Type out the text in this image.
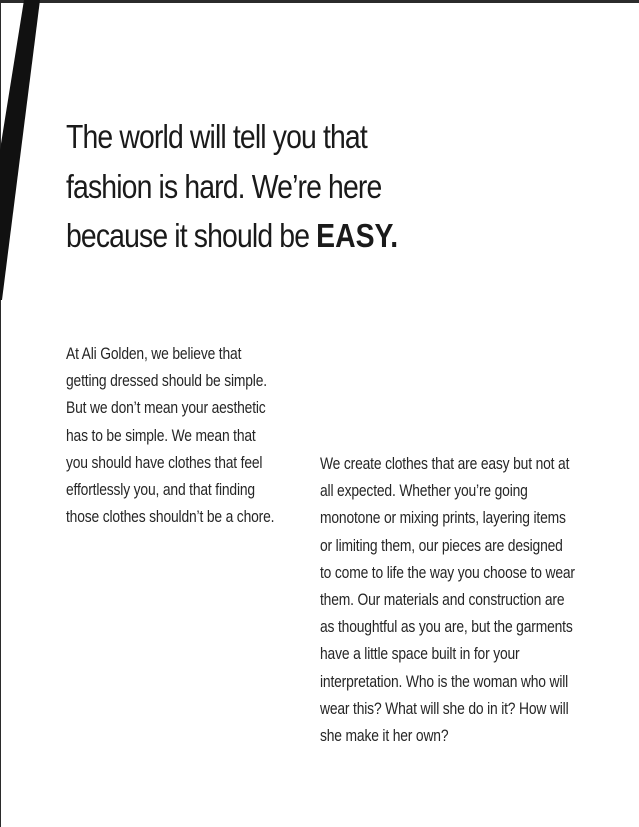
The world will tell you that
fashion is hard. We’re here
because it should be EASY.

At Ali Golden, we believe that
getting dressed should be simple.
But we don’t mean your aesthetic
has to be simple. We mean that
you should have clothes that feel
effortlessly you, and that finding
those clothes shouldn’t be a chore.

We create clothes that are easy but not at
all expected. Whether you’re going
monotone or mixing prints, layering items
or limiting them, our pieces are designed
to come to life the way you choose to wear
them. Our materials and construction are
as thoughtful as you are, but the garments
have a little space built in for your
interpretation. Who is the woman who will
wear this? What will she do in it? How will
she make it her own?
